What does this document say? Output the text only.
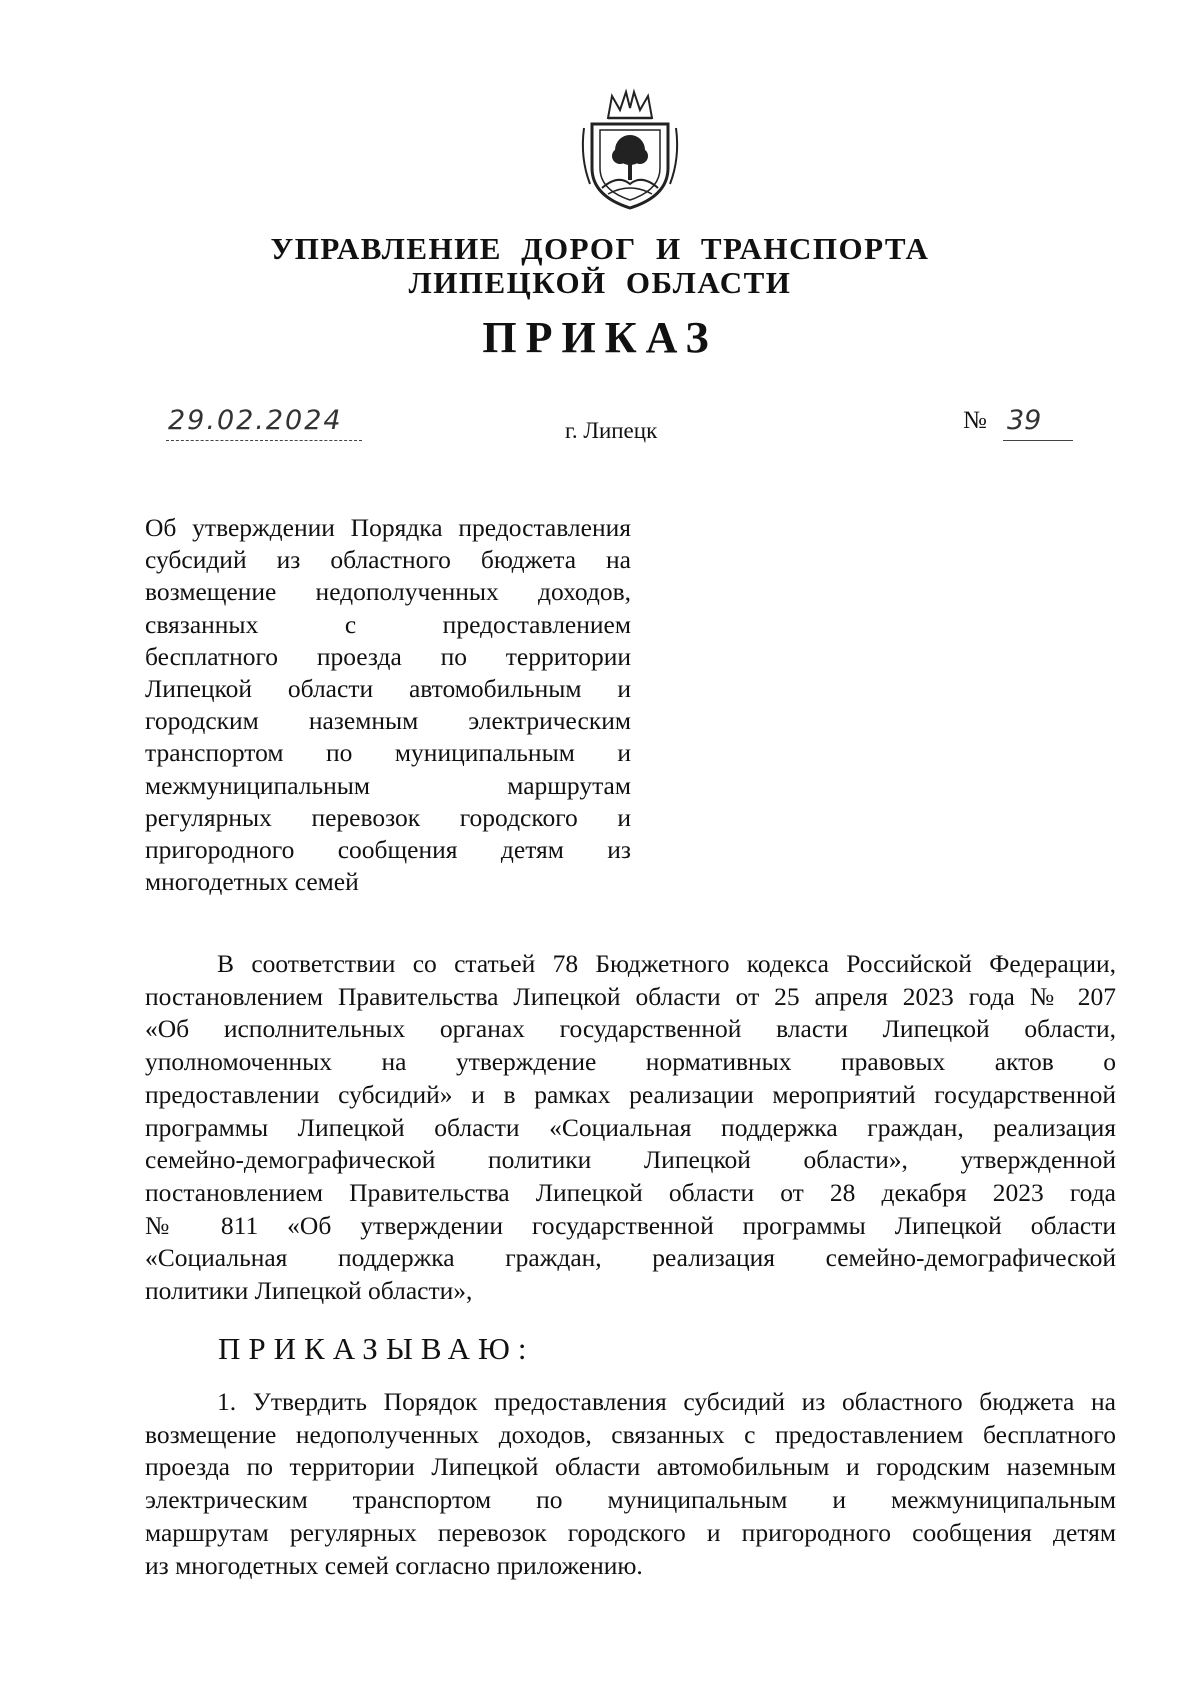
УПРАВЛЕНИЕ ДОРОГ И ТРАНСПОРТА
ЛИПЕЦКОЙ ОБЛАСТИ
ПРИКАЗ
29.02.2024	г. Липецк	№ 39
Об утверждении Порядка предоставления
субсидий из областного бюджета на
возмещение недополученных доходов,
связанных с предоставлением
бесплатного проезда по территории
Липецкой области автомобильным и
городским наземным электрическим
транспортом по муниципальным и
межмуниципальным маршрутам
регулярных перевозок городского и
пригородного сообщения детям из
многодетных семей
В соответствии со статьей 78 Бюджетного кодекса Российской Федерации,
постановлением Правительства Липецкой области от 25 апреля 2023 года № 207
«Об исполнительных органах государственной власти Липецкой области,
уполномоченных на утверждение нормативных правовых актов о
предоставлении субсидий» и в рамках реализации мероприятий государственной
программы Липецкой области «Социальная поддержка граждан, реализация
семейно-демографической политики Липецкой области», утвержденной
постановлением Правительства Липецкой области от 28 декабря 2023 года
№ 811 «Об утверждении государственной программы Липецкой области
«Социальная поддержка граждан, реализация семейно-демографической
политики Липецкой области»,
ПРИКАЗЫВАЮ:
1. Утвердить Порядок предоставления субсидий из областного бюджета на
возмещение недополученных доходов, связанных с предоставлением бесплатного
проезда по территории Липецкой области автомобильным и городским наземным
электрическим транспортом по муниципальным и межмуниципальным
маршрутам регулярных перевозок городского и пригородного сообщения детям
из многодетных семей согласно приложению.
